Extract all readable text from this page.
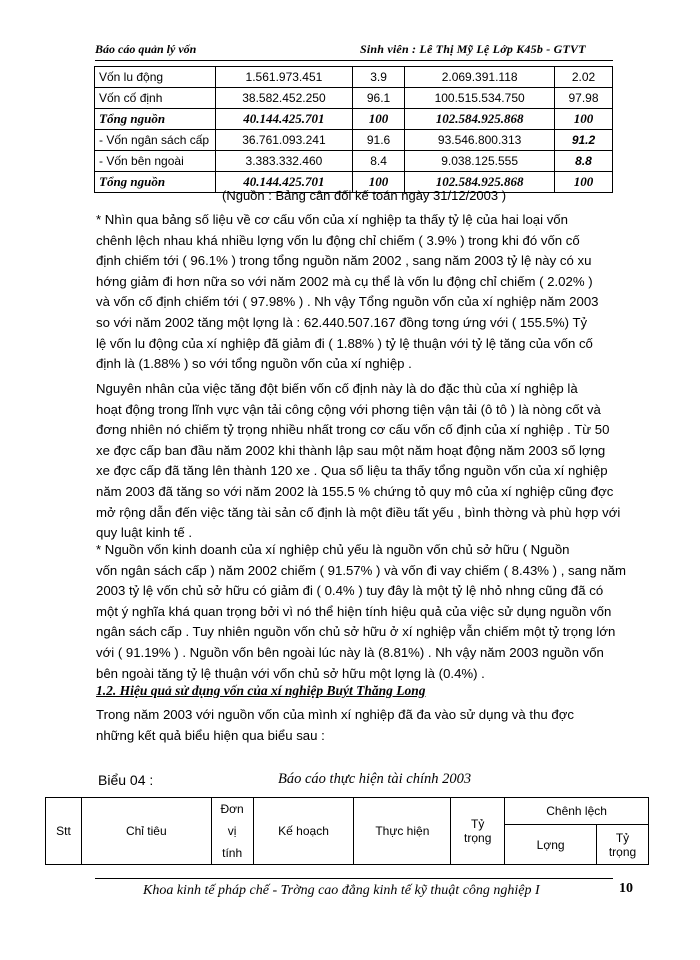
Báo cáo quản lý vốn	Sinh viên : Lê Thị Mỹ Lệ Lớp K45b - GTVT
Vốn lu động	1.561.973.451	3.9	2.069.391.118	2.02
Vốn cố định	38.582.452.250	96.1	100.515.534.750	97.98
Tổng nguồn	40.144.425.701	100	102.584.925.868	100
- Vốn ngân sách cấp	36.761.093.241	91.6	93.546.800.313	91.2
- Vốn bên ngoài	3.383.332.460	8.4	9.038.125.555	8.8
Tổng nguồn	40.144.425.701	100	102.584.925.868	100
(Nguồn : Bảng cân đối kế toán ngày 31/12/2003 )
* Nhìn qua bảng số liệu về cơ cấu vốn của xí nghiệp ta thấy tỷ lệ của hai loại vốn
chênh lệch nhau khá nhiều lợng vốn lu động chỉ chiếm ( 3.9% ) trong khi đó vốn cố
định chiếm tới ( 96.1% ) trong tổng nguồn năm 2002 , sang năm 2003 tỷ lệ này có xu
hớng giảm đi hơn nữa so với năm 2002 mà cụ thể là vốn lu động chỉ chiếm ( 2.02% )
và vốn cố định chiếm tới ( 97.98% ) . Nh vậy Tổng nguồn vốn của xí nghiệp năm 2003
so với năm 2002 tăng một lợng là : 62.440.507.167 đồng tơng ứng với ( 155.5%) Tỷ
lệ vốn lu động của xí nghiệp đã giảm đi ( 1.88% ) tỷ lệ thuận với tỷ lệ tăng của vốn cố
định là (1.88% ) so với tổng nguồn vốn của xí nghiệp .
Nguyên nhân của việc tăng đột biến vốn cố định này là do đặc thù của xí nghiệp là
hoạt động trong lĩnh vực vận tải công cộng với phơng tiện vận tải (ô tô ) là nòng cốt và
đơng nhiên nó chiếm tỷ trọng nhiều nhất trong cơ cấu vốn cố định của xí nghiệp . Từ 50
xe đợc cấp ban đầu năm 2002 khi thành lập sau một năm hoạt động năm 2003 số lợng
xe đợc cấp đã tăng lên thành 120 xe . Qua số liệu ta thấy tổng nguồn vốn của xí nghiệp
năm 2003 đã tăng so với năm 2002 là 155.5 % chứng tỏ quy mô của xí nghiệp cũng đợc
mở rộng dẫn đến việc tăng tài sản cố định là một điều tất yếu , bình thờng và phù hợp với
quy luật kinh tế .
* Nguồn vốn kinh doanh của xí nghiệp chủ yếu là nguồn vốn chủ sở hữu ( Nguồn
vốn ngân sách cấp ) năm 2002 chiếm ( 91.57% ) và vốn đi vay chiếm ( 8.43% ) , sang năm
2003 tỷ lệ vốn chủ sở hữu có giảm đi ( 0.4% ) tuy đây là một tỷ lệ nhỏ nhng cũng đã có
một ý nghĩa khá quan trọng bởi vì nó thể hiện tính hiệu quả của việc sử dụng nguồn vốn
ngân sách cấp . Tuy nhiên nguồn vốn chủ sở hữu ở xí nghiệp vẫn chiếm một tỷ trọng lớn
với ( 91.19% ) . Nguồn vốn bên ngoài lúc này là (8.81%) . Nh vậy năm 2003 nguồn vốn
bên ngoài tăng tỷ lệ thuận với vốn chủ sở hữu một lợng là (0.4%) .
1.2. Hiệu quả sử dụng vốn của xí nghiệp Buýt Thăng Long
Trong năm 2003 với nguồn vốn của mình xí nghiệp đã đa vào sử dụng và thu đợc
những kết quả biểu hiện qua biểu sau :
Biểu 04 :	Báo cáo thực hiện tài chính 2003
Stt	Chỉ tiêu	Đơn
vị
tính	Kế hoạch	Thực hiện	Tỷ
trọng	Chênh lệch	
						Lợng	Tỷ
trọng
Khoa kinh tế pháp chế - Trờng cao đẳng kinh tế kỹ thuật công nghiệp I	10
